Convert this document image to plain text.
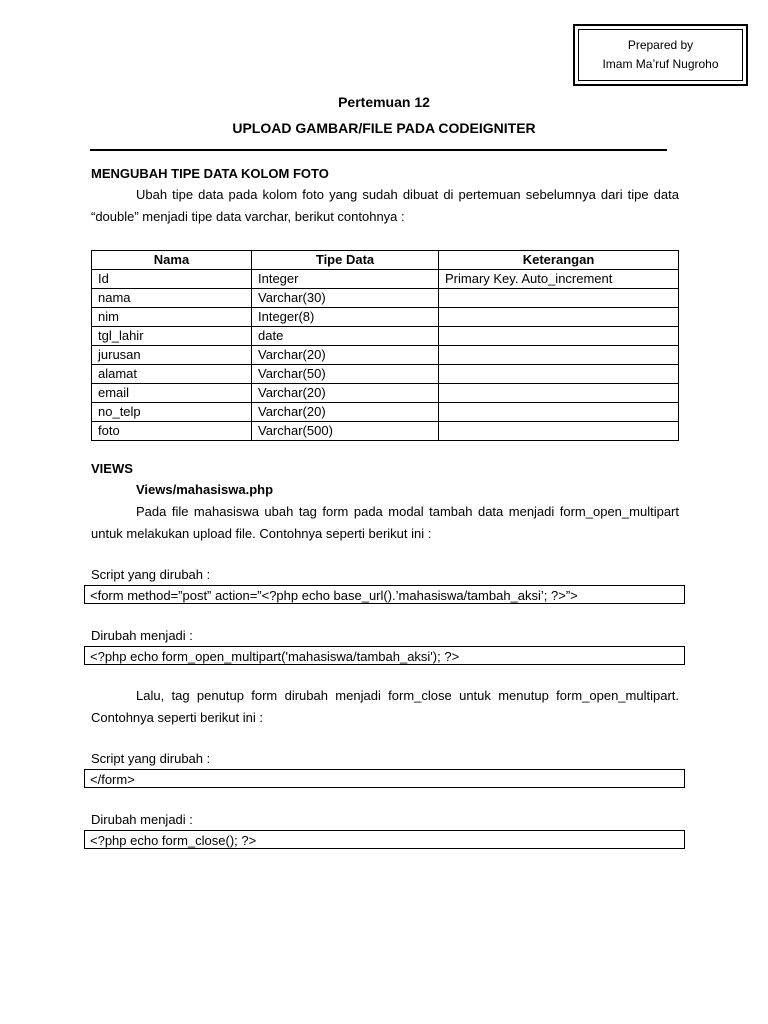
Prepared by
Imam Ma’ruf Nugroho
Pertemuan 12
UPLOAD GAMBAR/FILE PADA CODEIGNITER
MENGUBAH TIPE DATA KOLOM FOTO

Ubah tipe data pada kolom foto yang sudah dibuat di pertemuan sebelumnya dari tipe data “double” menjadi tipe data varchar, berikut contohnya :

Nama	Tipe Data	Keterangan
Id	Integer	Primary Key. Auto_increment
nama	Varchar(30)	
nim	Integer(8)	
tgl_lahir	date	
jurusan	Varchar(20)	
alamat	Varchar(50)	
email	Varchar(20)	
no_telp	Varchar(20)	
foto	Varchar(500)	
VIEWS
Views/mahasiswa.php

Pada file mahasiswa ubah tag form pada modal tambah data menjadi form_open_multipart untuk melakukan upload file. Contohnya seperti berikut ini :

Script yang dirubah :
<form method=”post” action=”<?php echo base_url().’mahasiswa/tambah_aksi’; ?>”>
Dirubah menjadi :
<?php echo form_open_multipart('mahasiswa/tambah_aksi'); ?>

Lalu, tag penutup form dirubah menjadi form_close untuk menutup form_open_multipart. Contohnya seperti berikut ini :

Script yang dirubah :
</form>
Dirubah menjadi :
<?php echo form_close(); ?>
